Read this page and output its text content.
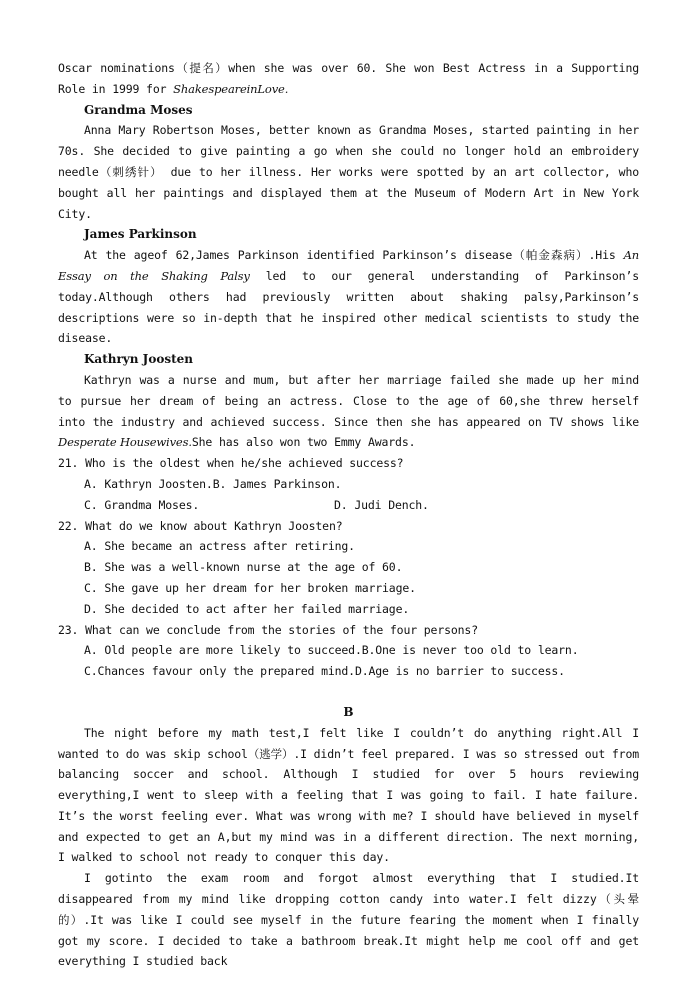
Oscar nominations（提名）when she was over 60. She won Best Actress in a Supporting Role in 1999 for ShakespeareinLove.

Grandma Moses

Anna Mary Robertson Moses, better known as Grandma Moses, started painting in her 70s. She decided to give painting a go when she could no longer hold an embroidery needle（刺绣针） due to her illness. Her works were spotted by an art collector, who bought all her paintings and displayed them at the Museum of Modern Art in New York City.

James Parkinson

At the ageof 62,James Parkinson identified Parkinson’s disease（帕金森病）.His An Essay on the Shaking Palsy led to our general understanding of Parkinson’s today.Although others had previously written about shaking palsy,Parkinson’s descriptions were so in-depth that he inspired other medical scientists to study the disease.

Kathryn Joosten

Kathryn was a nurse and mum, but after her marriage failed she made up her mind to pursue her dream of being an actress. Close to the age of 60,she threw herself into the industry and achieved success. Since then she has appeared on TV shows like Desperate Housewives.She has also won two Emmy Awards.

21. Who is the oldest when he/she achieved success?

A. Kathryn Joosten.B. James Parkinson.

C. Grandma Moses.	D. Judi Dench.

22. What do we know about Kathryn Joosten?

A. She became an actress after retiring.

B. She was a well-known nurse at the age of 60.

C. She gave up her dream for her broken marriage.

D. She decided to act after her failed marriage.

23. What can we conclude from the stories of the four persons?

A. Old people are more likely to succeed.B.One is never too old to learn.

C.Chances favour only the prepared mind.D.Age is no barrier to success.

B

The night before my math test,I felt like I couldn’t do anything right.All I wanted to do was skip school（逃学）.I didn’t feel prepared. I was so stressed out from balancing soccer and school. Although I studied for over 5 hours reviewing everything,I went to sleep with a feeling that I was going to fail. I hate failure. It’s the worst feeling ever. What was wrong with me? I should have believed in myself and expected to get an A,but my mind was in a different direction. The next morning, I walked to school not ready to conquer this day.

I gotinto the exam room and forgot almost everything that I studied.It disappeared from my mind like dropping cotton candy into water.I felt dizzy（头晕的）.It was like I could see myself in the future fearing the moment when I finally got my score. I decided to take a bathroom break.It might help me cool off and get everything I studied back
